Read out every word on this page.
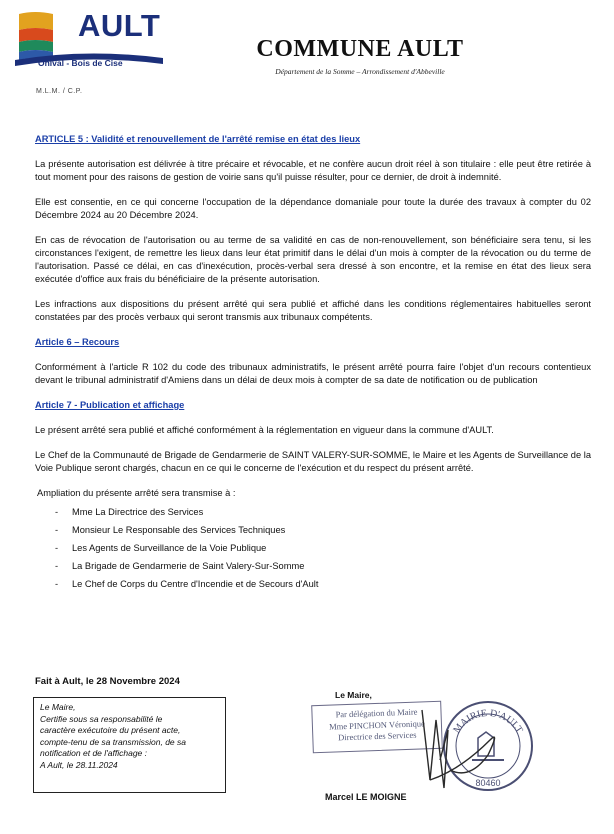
AULT
Onival - Bois de Cise
M.L.M. / C.P.
COMMUNE AULT
Département de la Somme – Arrondissement d'Abbeville

ARTICLE 5 : Validité et renouvellement de l'arrêté remise en état des lieux

La présente autorisation est délivrée à titre précaire et révocable, et ne confère aucun droit réel à son titulaire : elle peut être retirée à tout moment pour des raisons de gestion de voirie sans qu'il puisse résulter, pour ce dernier, de droit à indemnité.

Elle est consentie, en ce qui concerne l'occupation de la dépendance domaniale pour toute la durée des travaux à compter du 02 Décembre 2024 au 20 Décembre 2024.

En cas de révocation de l'autorisation ou au terme de sa validité en cas de non-renouvellement, son bénéficiaire sera tenu, si les circonstances l'exigent, de remettre les lieux dans leur état primitif dans le délai d'un mois à compter de la révocation ou du terme de l'autorisation. Passé ce délai, en cas d'inexécution, procès-verbal sera dressé à son encontre, et la remise en état des lieux sera exécutée d'office aux frais du bénéficiaire de la présente autorisation.

Les infractions aux dispositions du présent arrêté qui sera publié et affiché dans les conditions réglementaires habituelles seront constatées par des procès verbaux qui seront transmis aux tribunaux compétents.

Article 6 – Recours

Conformément à l'article R 102 du code des tribunaux administratifs, le présent arrêté pourra faire l'objet d'un recours contentieux devant le tribunal administratif d'Amiens dans un délai de deux mois à compter de sa date de notification ou de publication

Article 7 - Publication et affichage

Le présent arrêté sera publié et affiché conformément à la réglementation en vigueur dans la commune d'AULT.

Le Chef de la Communauté de Brigade de Gendarmerie de SAINT VALERY-SUR-SOMME, le Maire et les Agents de Surveillance de la Voie Publique seront chargés, chacun en ce qui le concerne de l'exécution et du respect du présent arrêté.

Ampliation du présente arrêté sera transmise à :

- Mme La Directrice des Services
- Monsieur Le Responsable des Services Techniques
- Les Agents de Surveillance de la Voie Publique
- La Brigade de Gendarmerie de Saint Valery-Sur-Somme
- Le Chef de Corps du Centre d'Incendie et de Secours d'Ault
Fait à Ault, le 28 Novembre 2024
Le Maire,
Certifie sous sa responsabilité le
caractère exécutoire du présent acte,
compte-tenu de sa transmission, de sa
notification et de l'affichage :
A Ault, le 28.11.2024
Le Maire,
Par délégation du Maire
Mme PINCHON Véronique
Directrice des Services
MAIRIE D'AULT
80460
Marcel LE MOIGNE
